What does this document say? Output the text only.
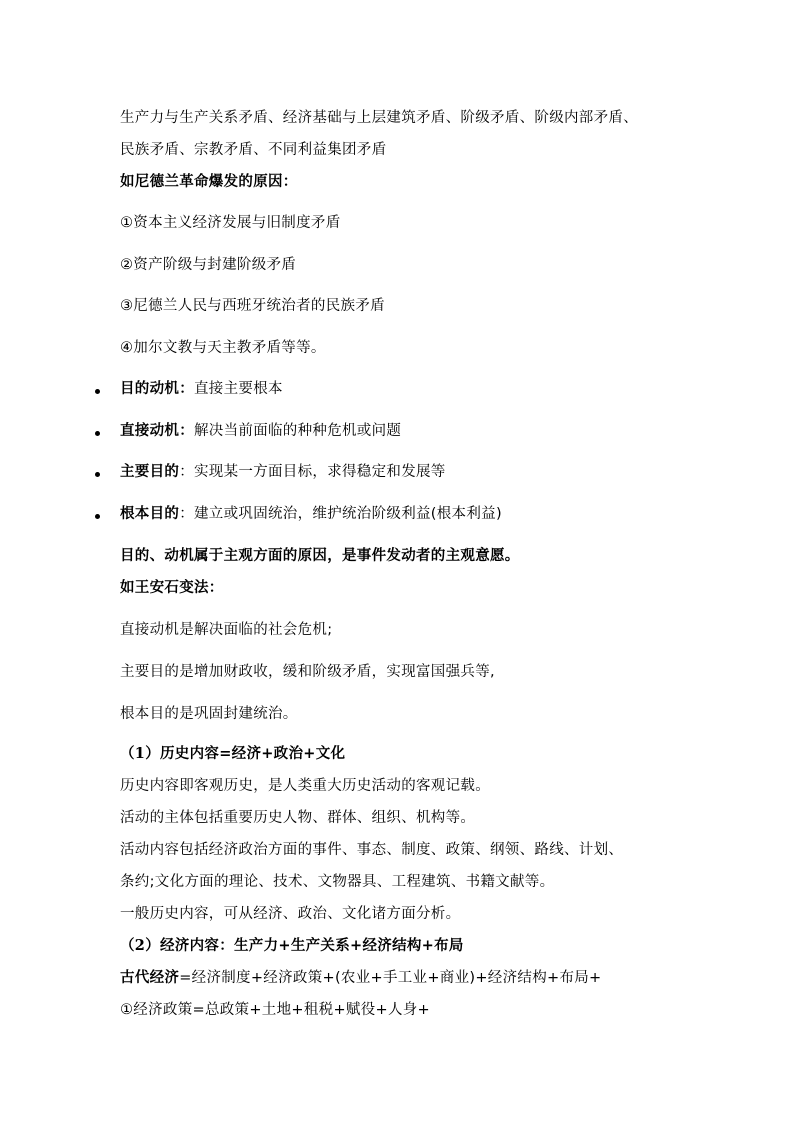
生产力与生产关系矛盾、经济基础与上层建筑矛盾、阶级矛盾、阶级内部矛盾、
民族矛盾、宗教矛盾、不同利益集团矛盾
如尼德兰革命爆发的原因：
①资本主义经济发展与旧制度矛盾
②资产阶级与封建阶级矛盾
③尼德兰人民与西班牙统治者的民族矛盾
④加尔文教与天主教矛盾等等。
目的动机：直接主要根本
直接动机：解决当前面临的种种危机或问题
主要目的：实现某一方面目标，求得稳定和发展等
根本目的：建立或巩固统治，维护统治阶级利益(根本利益)
目的、动机属于主观方面的原因，是事件发动者的主观意愿。
如王安石变法：
直接动机是解决面临的社会危机;
主要目的是增加财政收，缓和阶级矛盾，实现富国强兵等,
根本目的是巩固封建统治。
（1）历史内容=经济+政治+文化
历史内容即客观历史，是人类重大历史活动的客观记载。
活动的主体包括重要历史人物、群体、组织、机构等。
活动内容包括经济政治方面的事件、事态、制度、政策、纲领、路线、计划、
条约;文化方面的理论、技术、文物器具、工程建筑、书籍文献等。
一般历史内容，可从经济、政治、文化诸方面分析。
（2）经济内容：生产力+生产关系+经济结构+布局
古代经济=经济制度+经济政策+(农业+手工业+商业)+经济结构+布局+
①经济政策=总政策+土地+租税+赋役+人身+
